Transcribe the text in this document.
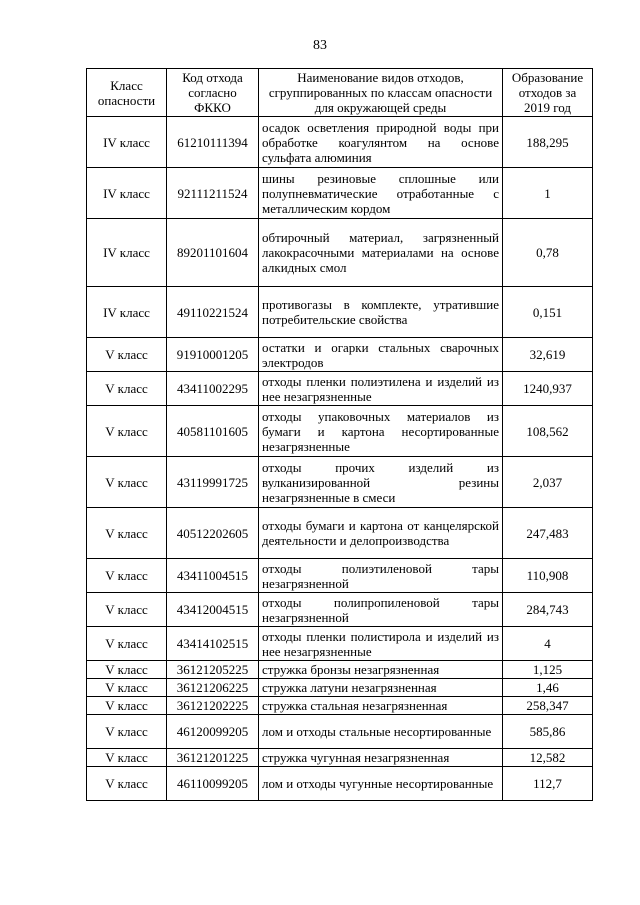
83
Класс опасности	Код отхода согласно ФККО	Наименование видов отходов, сгруппированных по классам опасности для окружающей среды	Образование отходов за 2019 год
IV класс	61210111394	осадок осветления природной воды при обработке коагулянтом на основе сульфата алюминия	188,295
IV класс	92111211524	шины резиновые сплошные или полупневматические отработанные с металлическим кордом	1
IV класс	89201101604	обтирочный материал, загрязненный лакокрасочными материалами на основе алкидных смол	0,78
IV класс	49110221524	противогазы в комплекте, утратившие потребительские свойства	0,151
V класс	91910001205	остатки и огарки стальных сварочных электродов	32,619
V класс	43411002295	отходы пленки полиэтилена и изделий из нее незагрязненные	1240,937
V класс	40581101605	отходы упаковочных материалов из бумаги и картона несортированные незагрязненные	108,562
V класс	43119991725	отходы прочих изделий из вулканизированной резины незагрязненные в смеси	2,037
V класс	40512202605	отходы бумаги и картона от канцелярской деятельности и делопроизводства	247,483
V класс	43411004515	отходы полиэтиленовой тары незагрязненной	110,908
V класс	43412004515	отходы полипропиленовой тары незагрязненной	284,743
V класс	43414102515	отходы пленки полистирола и изделий из нее незагрязненные	4
V класс	36121205225	стружка бронзы незагрязненная	1,125
V класс	36121206225	стружка латуни незагрязненная	1,46
V класс	36121202225	стружка стальная незагрязненная	258,347
V класс	46120099205	лом и отходы стальные несортированные	585,86
V класс	36121201225	стружка чугунная незагрязненная	12,582
V класс	46110099205	лом и отходы чугунные несортированные	112,7
